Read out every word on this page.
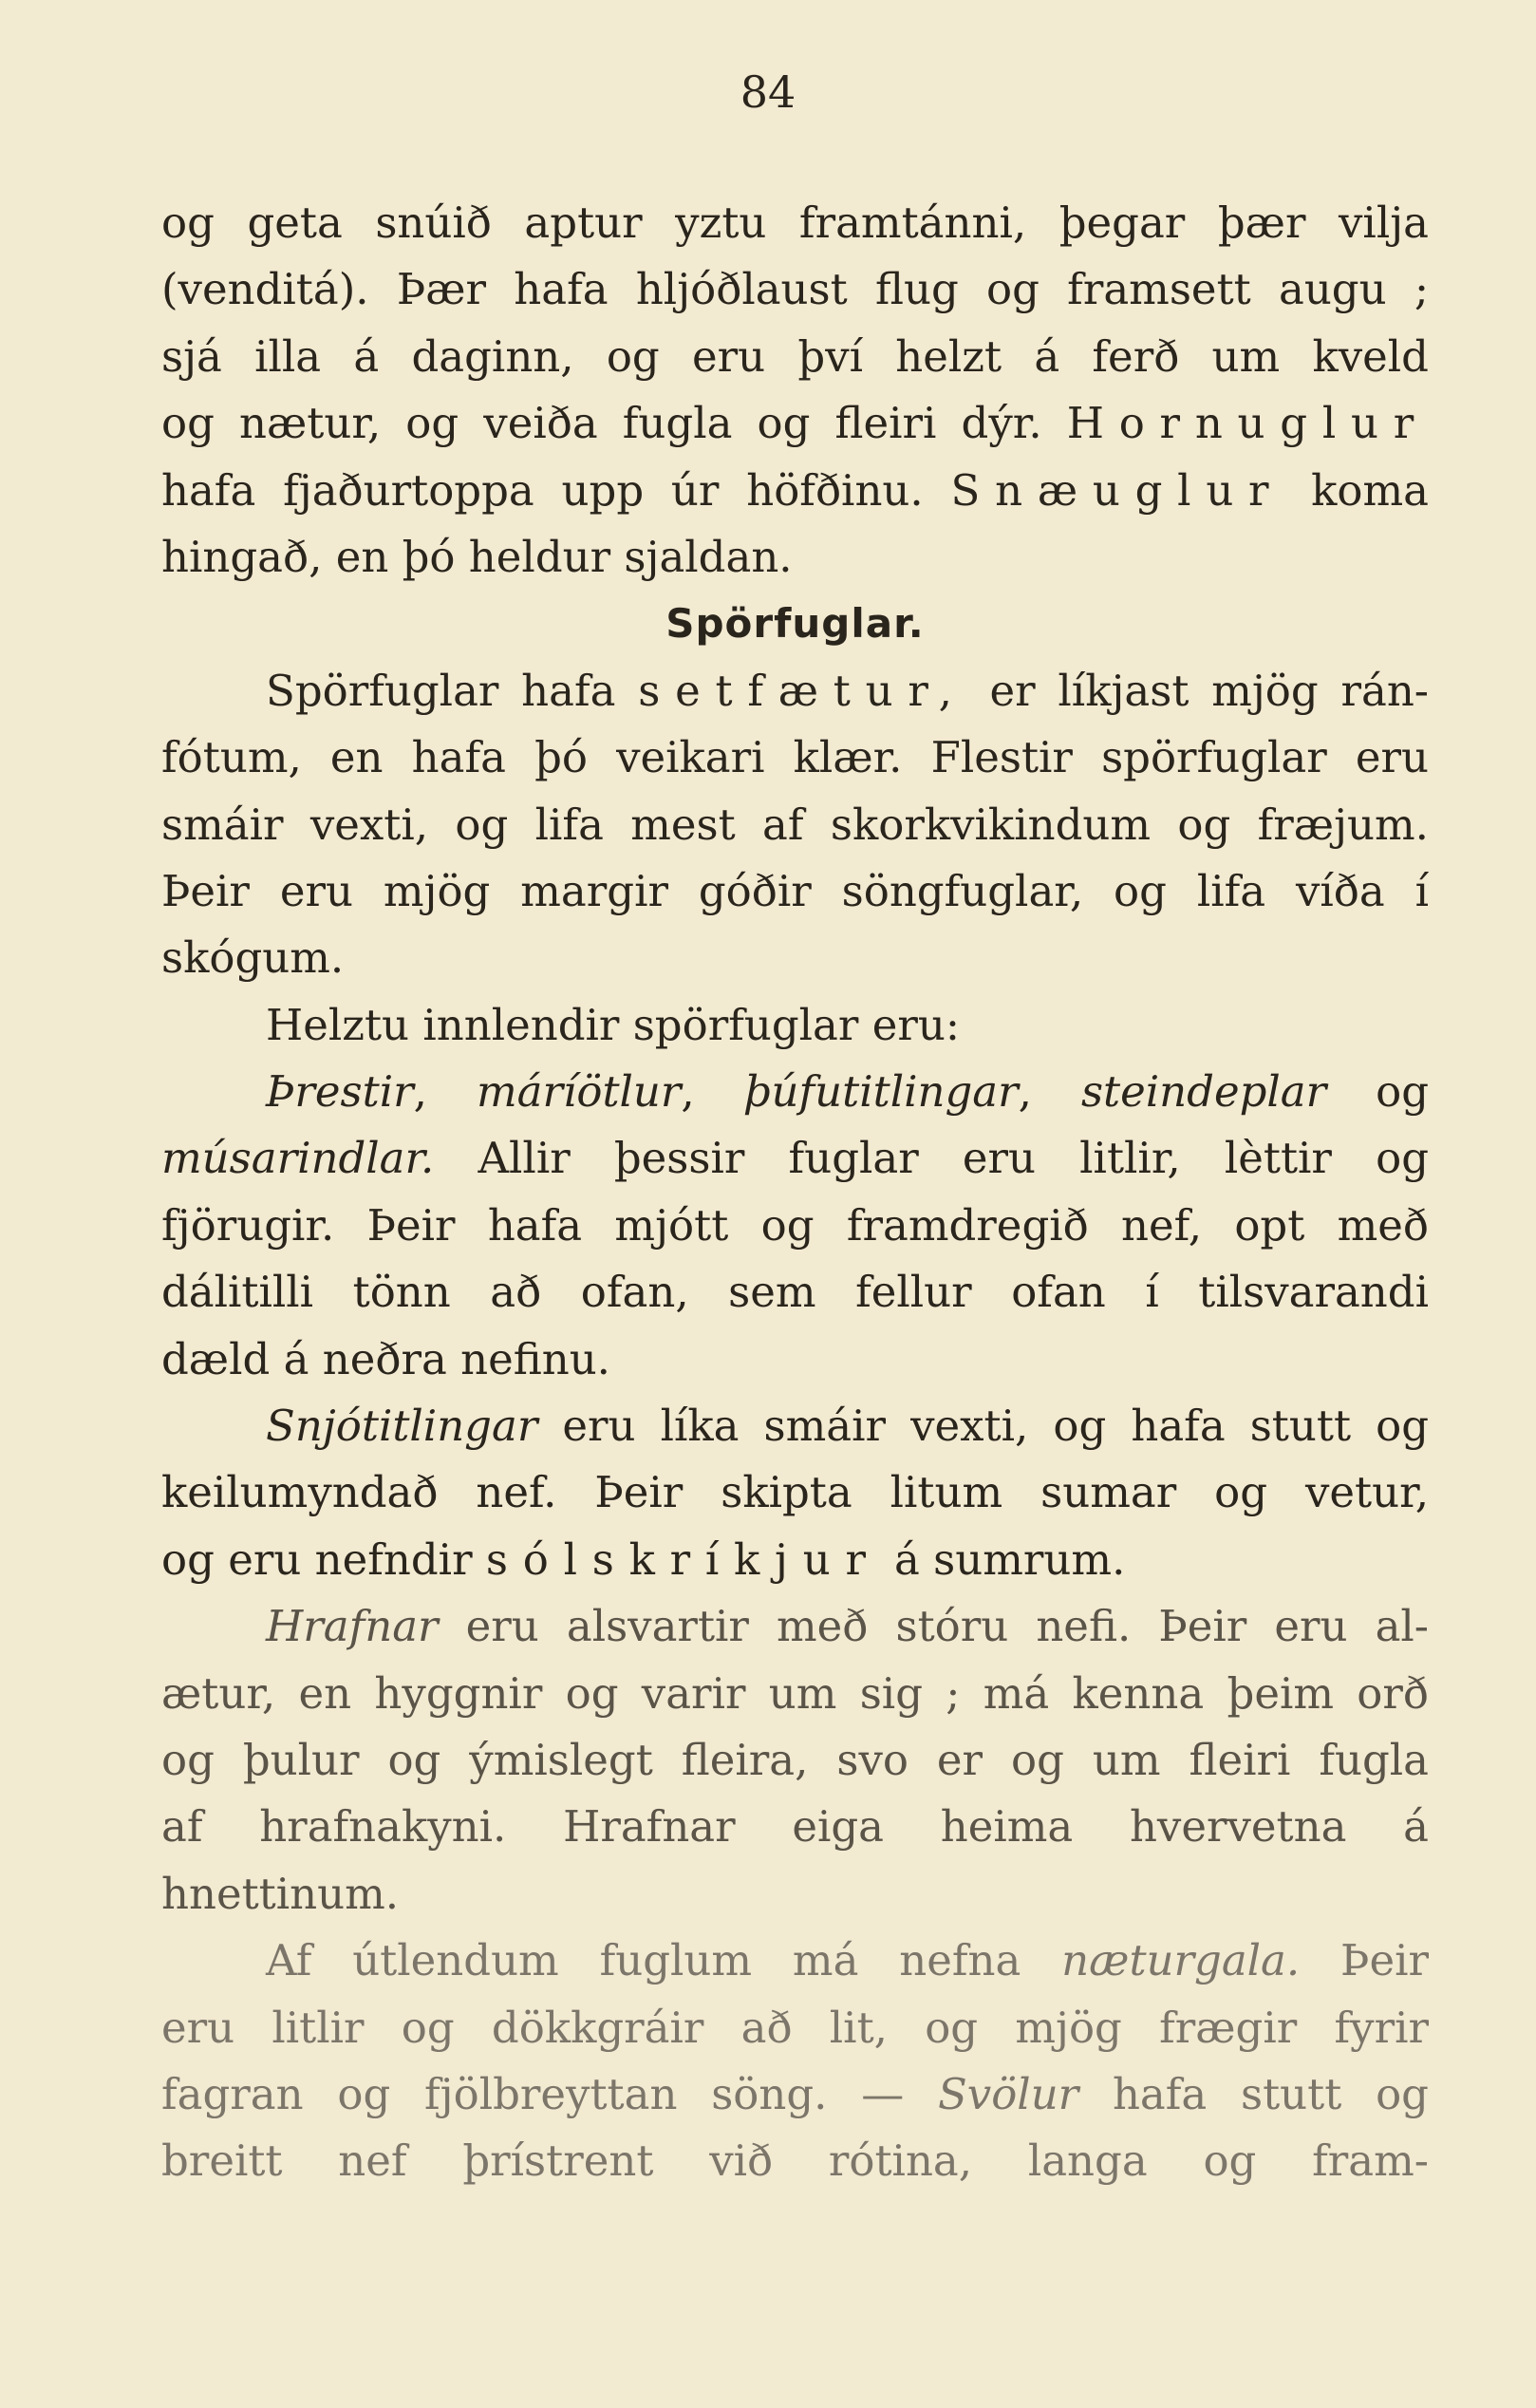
84
og geta snúið aptur yztu framtánni, þegar þær vilja
(venditá). Þær hafa hljóðlaust flug og framsett augu ;
sjá illa á daginn, og eru því helzt á ferð um kveld
og nætur, og veiða fugla og fleiri dýr. Hornuglur
hafa fjaðurtoppa upp úr höfðinu. Snæuglur koma
hingað, en þó heldur sjaldan.
Spörfuglar.
Spörfuglar hafa setfætur, er líkjast mjög rán-
fótum, en hafa þó veikari klær. Flestir spörfuglar eru
smáir vexti, og lifa mest af skorkvikindum og fræjum.
Þeir eru mjög margir góðir söngfuglar, og lifa víða í
skógum.
Helztu innlendir spörfuglar eru:
Þrestir, máríötlur, þúfutitlingar, steindeplar og
músarindlar. Allir þessir fuglar eru litlir, lèttir og
fjörugir. Þeir hafa mjótt og framdregið nef, opt með
dálitilli tönn að ofan, sem fellur ofan í tilsvarandi
dæld á neðra nefinu.
Snjótitlingar eru líka smáir vexti, og hafa stutt og
keilumyndað nef. Þeir skipta litum sumar og vetur,
og eru nefndir sólskríkjur á sumrum.
Hrafnar eru alsvartir með stóru nefi. Þeir eru al-
ætur, en hyggnir og varir um sig ; má kenna þeim orð
og þulur og ýmislegt fleira, svo er og um fleiri fugla
af hrafnakyni. Hrafnar eiga heima hvervetna á
hnettinum.
Af útlendum fuglum má nefna næturgala. Þeir
eru litlir og dökkgráir að lit, og mjög frægir fyrir
fagran og fjölbreyttan söng. — Svölur hafa stutt og
breitt nef þrístrent við rótina, langa og fram-
